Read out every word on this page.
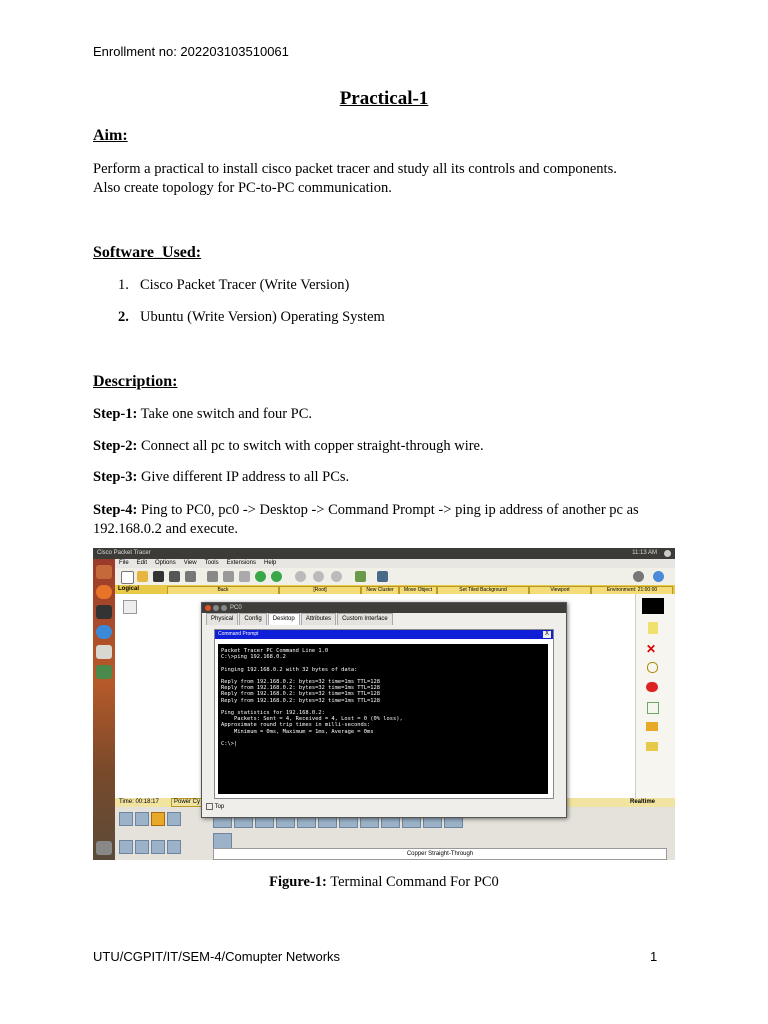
Enrollment no: 202203103510061
Practical-1
Aim:
Perform a practical to install cisco packet tracer and study all its controls and components.
Also create topology for PC-to-PC communication.
Software_Used:
1. Cisco Packet Tracer (Write Version)
2. Ubuntu (Write Version) Operating System
Description:
Step-1: Take one switch and four PC.
Step-2: Connect all pc to switch with copper straight-through wire.
Step-3: Give different IP address to all PCs.
Step-4: Ping to PC0, pc0 -> Desktop -> Command Prompt -> ping ip address of another pc as
192.168.0.2 and execute.
Cisco Packet Tracer	11:13 AM
File Edit Options View Tools Extensions Help
Logical	Back	[Root]	New Cluster	Move Object	Set Tiled Background	Viewport	Environment: 21:00:00
✕
Time: 00:18:17	Power Cy	Realtime
Copper Straight-Through
PC0
Physical Config Desktop Attributes Custom Interface
Command Prompt	X
Packet Tracer PC Command Line 1.0
C:\>ping 192.168.0.2

Pinging 192.168.0.2 with 32 bytes of data:

Reply from 192.168.0.2: bytes=32 time=1ms TTL=128
Reply from 192.168.0.2: bytes=32 time=1ms TTL=128
Reply from 192.168.0.2: bytes=32 time=1ms TTL=128
Reply from 192.168.0.2: bytes=32 time=1ms TTL=128

Ping statistics for 192.168.0.2:
Packets: Sent = 4, Received = 4, Lost = 0 (0% loss),
Approximate round trip times in milli-seconds:
Minimum = 0ms, Maximum = 1ms, Average = 0ms

C:\>|
Top
Figure-1: Terminal Command For PC0
UTU/CGPIT/IT/SEM-4/Comupter Networks	1
